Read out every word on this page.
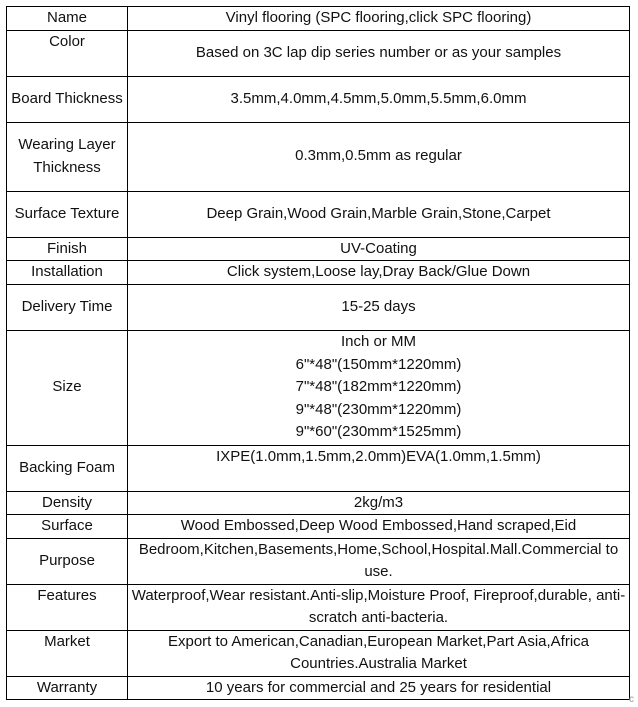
Name	Vinyl flooring (SPC flooring,click SPC flooring)
Color	Based on 3C lap dip series number or as your samples
Board Thickness	3.5mm,4.0mm,4.5mm,5.0mm,5.5mm,6.0mm
Wearing Layer Thickness	0.3mm,0.5mm as regular
Surface Texture	Deep Grain,Wood Grain,Marble Grain,Stone,Carpet
Finish	UV-Coating
Installation	Click system,Loose lay,Dray Back/Glue Down
Delivery Time	15-25 days
Size	Inch or MM
6"*48"(150mm*1220mm)
7"*48"(182mm*1220mm)
9"*48"(230mm*1220mm)
9"*60"(230mm*1525mm)

Backing Foam	IXPE(1.0mm,1.5mm,2.0mm)EVA(1.0mm,1.5mm)
Density	2kg/m3
Surface	Wood Embossed,Deep Wood Embossed,Hand scraped,Eid
Purpose	Bedroom,Kitchen,Basements,Home,School,Hospital.Mall.Commercial to use.
Features	Waterproof,Wear resistant.Anti-slip,Moisture Proof, Fireproof,durable, anti-scratch anti-bacteria.
Market	Export to American,Canadian,European Market,Part Asia,Africa Countries.Australia Market
Warranty	10 years for commercial and 25 years for residential
c
